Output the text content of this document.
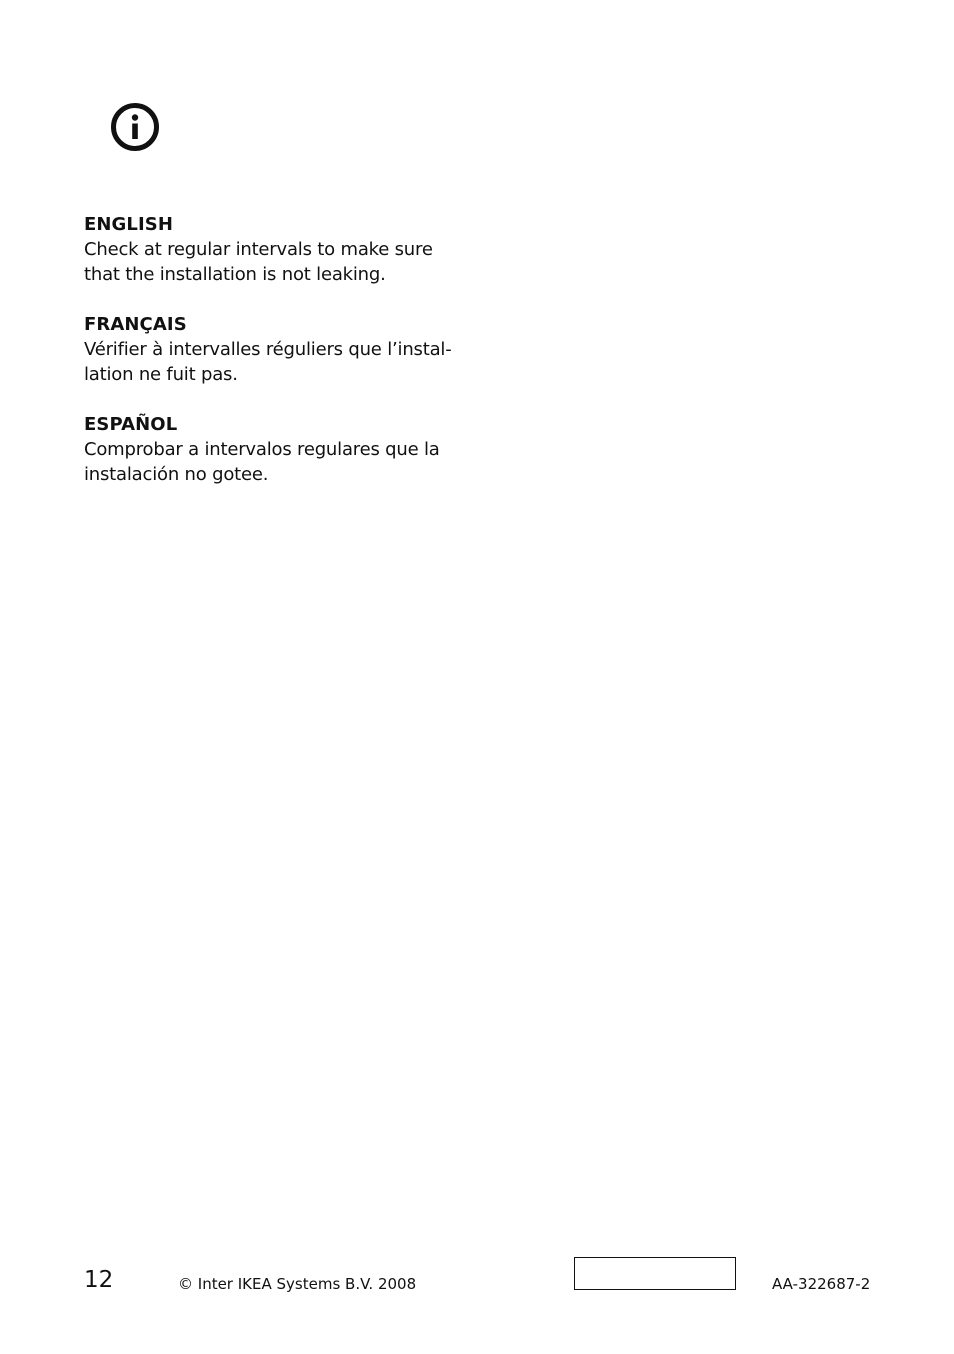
ENGLISH

Check at regular intervals to make sure

that the installation is not leaking.

FRANÇAIS

Vérifier à intervalles réguliers que l’instal-

lation ne fuit pas.

ESPAÑOL

Comprobar a intervalos regulares que la

instalación no gotee.

12	© Inter IKEA Systems B.V. 2008	AA-322687-2
